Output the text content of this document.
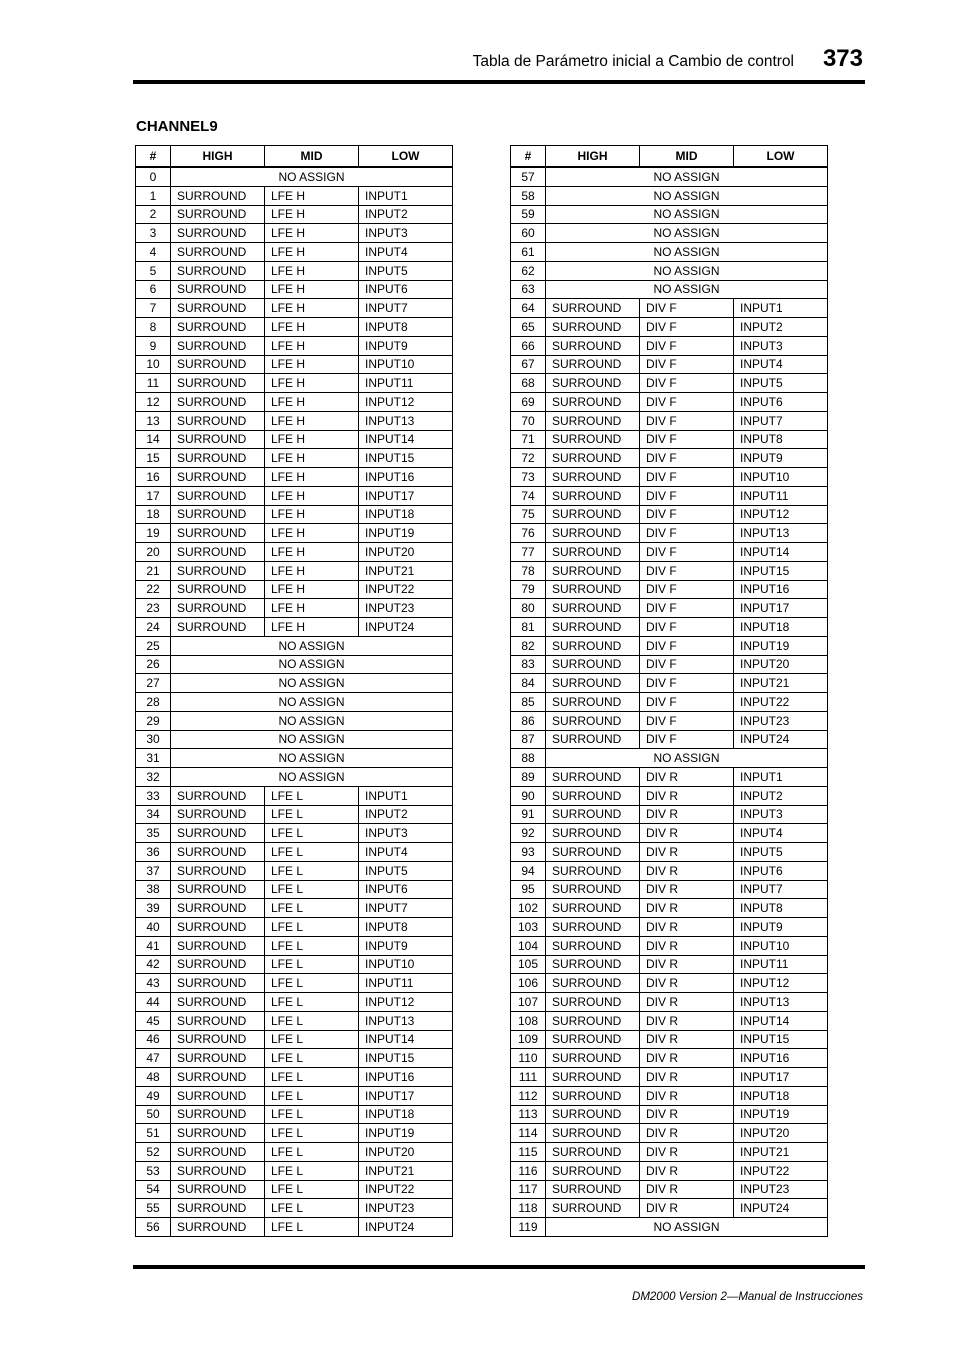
Tabla de Parámetro inicial a Cambio de control 373
CHANNEL9
#	HIGH	MID	LOW
0	NO ASSIGN		
1	SURROUND	LFE H	INPUT1
2	SURROUND	LFE H	INPUT2
3	SURROUND	LFE H	INPUT3
4	SURROUND	LFE H	INPUT4
5	SURROUND	LFE H	INPUT5
6	SURROUND	LFE H	INPUT6
7	SURROUND	LFE H	INPUT7
8	SURROUND	LFE H	INPUT8
9	SURROUND	LFE H	INPUT9
10	SURROUND	LFE H	INPUT10
11	SURROUND	LFE H	INPUT11
12	SURROUND	LFE H	INPUT12
13	SURROUND	LFE H	INPUT13
14	SURROUND	LFE H	INPUT14
15	SURROUND	LFE H	INPUT15
16	SURROUND	LFE H	INPUT16
17	SURROUND	LFE H	INPUT17
18	SURROUND	LFE H	INPUT18
19	SURROUND	LFE H	INPUT19
20	SURROUND	LFE H	INPUT20
21	SURROUND	LFE H	INPUT21
22	SURROUND	LFE H	INPUT22
23	SURROUND	LFE H	INPUT23
24	SURROUND	LFE H	INPUT24
25	NO ASSIGN		
26	NO ASSIGN		
27	NO ASSIGN		
28	NO ASSIGN		
29	NO ASSIGN		
30	NO ASSIGN		
31	NO ASSIGN		
32	NO ASSIGN		
33	SURROUND	LFE L	INPUT1
34	SURROUND	LFE L	INPUT2
35	SURROUND	LFE L	INPUT3
36	SURROUND	LFE L	INPUT4
37	SURROUND	LFE L	INPUT5
38	SURROUND	LFE L	INPUT6
39	SURROUND	LFE L	INPUT7
40	SURROUND	LFE L	INPUT8
41	SURROUND	LFE L	INPUT9
42	SURROUND	LFE L	INPUT10
43	SURROUND	LFE L	INPUT11
44	SURROUND	LFE L	INPUT12
45	SURROUND	LFE L	INPUT13
46	SURROUND	LFE L	INPUT14
47	SURROUND	LFE L	INPUT15
48	SURROUND	LFE L	INPUT16
49	SURROUND	LFE L	INPUT17
50	SURROUND	LFE L	INPUT18
51	SURROUND	LFE L	INPUT19
52	SURROUND	LFE L	INPUT20
53	SURROUND	LFE L	INPUT21
54	SURROUND	LFE L	INPUT22
55	SURROUND	LFE L	INPUT23
56	SURROUND	LFE L	INPUT24
#	HIGH	MID	LOW
57	NO ASSIGN		
58	NO ASSIGN		
59	NO ASSIGN		
60	NO ASSIGN		
61	NO ASSIGN		
62	NO ASSIGN		
63	NO ASSIGN		
64	SURROUND	DIV F	INPUT1
65	SURROUND	DIV F	INPUT2
66	SURROUND	DIV F	INPUT3
67	SURROUND	DIV F	INPUT4
68	SURROUND	DIV F	INPUT5
69	SURROUND	DIV F	INPUT6
70	SURROUND	DIV F	INPUT7
71	SURROUND	DIV F	INPUT8
72	SURROUND	DIV F	INPUT9
73	SURROUND	DIV F	INPUT10
74	SURROUND	DIV F	INPUT11
75	SURROUND	DIV F	INPUT12
76	SURROUND	DIV F	INPUT13
77	SURROUND	DIV F	INPUT14
78	SURROUND	DIV F	INPUT15
79	SURROUND	DIV F	INPUT16
80	SURROUND	DIV F	INPUT17
81	SURROUND	DIV F	INPUT18
82	SURROUND	DIV F	INPUT19
83	SURROUND	DIV F	INPUT20
84	SURROUND	DIV F	INPUT21
85	SURROUND	DIV F	INPUT22
86	SURROUND	DIV F	INPUT23
87	SURROUND	DIV F	INPUT24
88	NO ASSIGN		
89	SURROUND	DIV R	INPUT1
90	SURROUND	DIV R	INPUT2
91	SURROUND	DIV R	INPUT3
92	SURROUND	DIV R	INPUT4
93	SURROUND	DIV R	INPUT5
94	SURROUND	DIV R	INPUT6
95	SURROUND	DIV R	INPUT7
102	SURROUND	DIV R	INPUT8
103	SURROUND	DIV R	INPUT9
104	SURROUND	DIV R	INPUT10
105	SURROUND	DIV R	INPUT11
106	SURROUND	DIV R	INPUT12
107	SURROUND	DIV R	INPUT13
108	SURROUND	DIV R	INPUT14
109	SURROUND	DIV R	INPUT15
110	SURROUND	DIV R	INPUT16
111	SURROUND	DIV R	INPUT17
112	SURROUND	DIV R	INPUT18
113	SURROUND	DIV R	INPUT19
114	SURROUND	DIV R	INPUT20
115	SURROUND	DIV R	INPUT21
116	SURROUND	DIV R	INPUT22
117	SURROUND	DIV R	INPUT23
118	SURROUND	DIV R	INPUT24
119	NO ASSIGN		
DM2000 Version 2—Manual de Instrucciones
